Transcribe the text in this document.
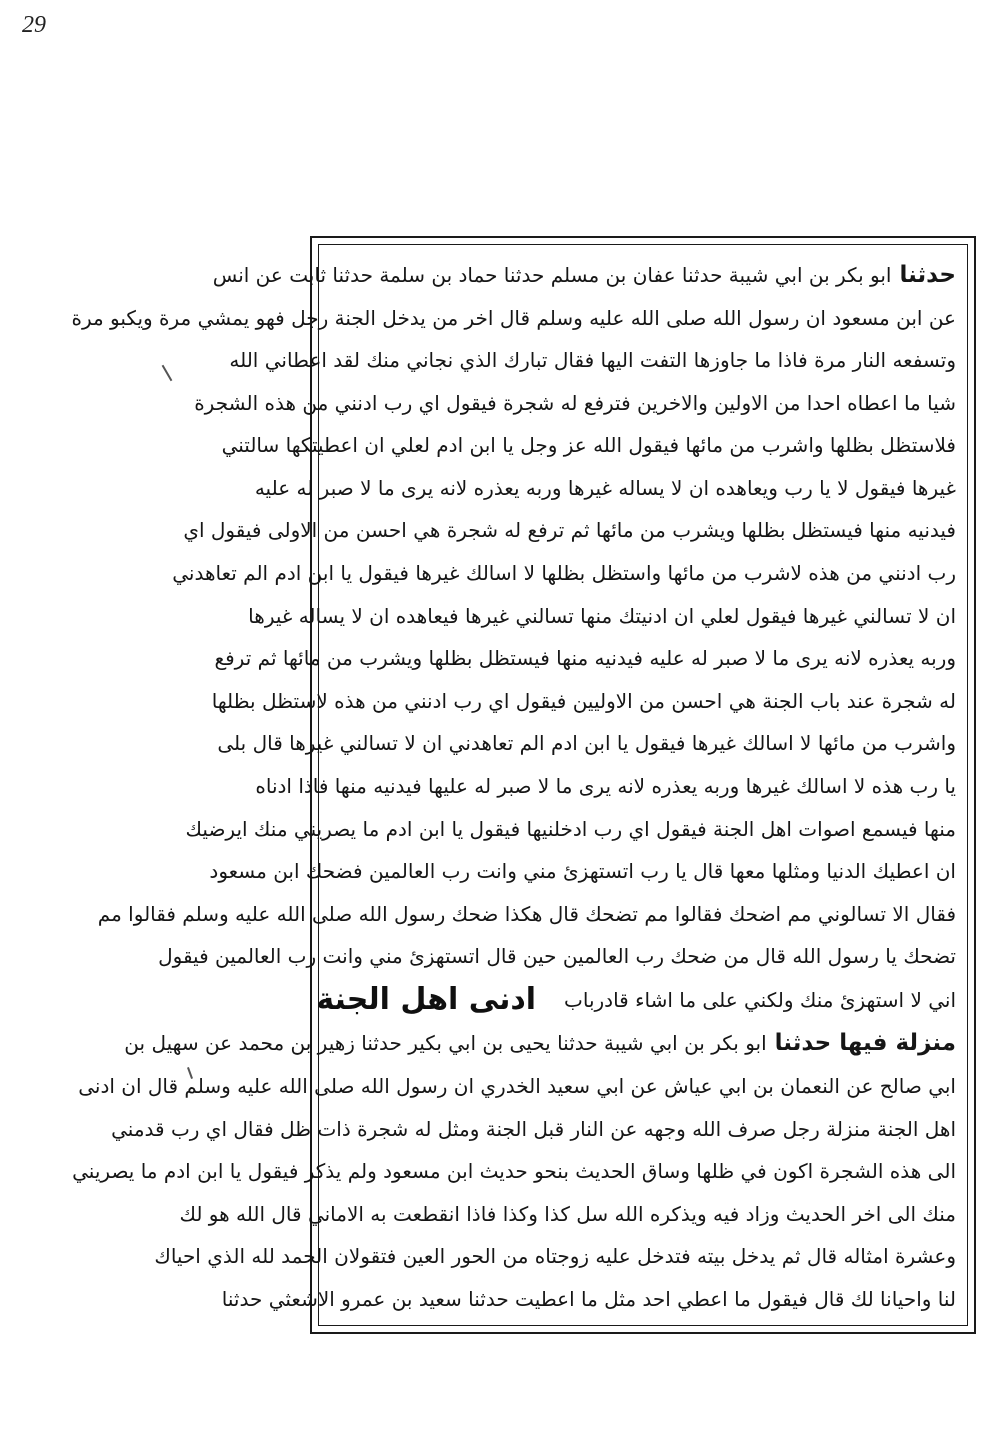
29
حدثناابو بكر بن ابي شيبة حدثنا عفان بن مسلم حدثنا حماد بن سلمة حدثنا ثابت عن انس
عن ابن مسعود ان رسول الله صلى الله عليه وسلم قال اخر من يدخل الجنة رجل فهو يمشي مرة ويكبو مرة
وتسفعه النار مرة فاذا ما جاوزها التفت اليها فقال تبارك الذي نجاني منك لقد اعطاني الله
شيا ما اعطاه احدا من الاولين والاخرين فترفع له شجرة فيقول اي رب ادنني من هذه الشجرة
فلاستظل بظلها واشرب من مائها فيقول الله عز وجل يا ابن ادم لعلي ان اعطيتكها سالتني
غيرها فيقول لا يا رب ويعاهده ان لا يساله غيرها وربه يعذره لانه يرى ما لا صبر له عليه
فيدنيه منها فيستظل بظلها ويشرب من مائها ثم ترفع له شجرة هي احسن من الاولى فيقول اي
رب ادنني من هذه لاشرب من مائها واستظل بظلها لا اسالك غيرها فيقول يا ابن ادم الم تعاهدني
ان لا تسالني غيرها فيقول لعلي ان ادنيتك منها تسالني غيرها فيعاهده ان لا يساله غيرها
وربه يعذره لانه يرى ما لا صبر له عليه فيدنيه منها فيستظل بظلها ويشرب من مائها ثم ترفع
له شجرة عند باب الجنة هي احسن من الاوليين فيقول اي رب ادنني من هذه لاستظل بظلها
واشرب من مائها لا اسالك غيرها فيقول يا ابن ادم الم تعاهدني ان لا تسالني غيرها قال بلى
يا رب هذه لا اسالك غيرها وربه يعذره لانه يرى ما لا صبر له عليها فيدنيه منها فاذا ادناه
منها فيسمع اصوات اهل الجنة فيقول اي رب ادخلنيها فيقول يا ابن ادم ما يصريني منك ايرضيك
ان اعطيك الدنيا ومثلها معها قال يا رب اتستهزئ مني وانت رب العالمين فضحك ابن مسعود
فقال الا تسالوني مم اضحك فقالوا مم تضحك قال هكذا ضحك رسول الله صلى الله عليه وسلم فقالوا مم
تضحك يا رسول الله قال من ضحك رب العالمين حين قال اتستهزئ مني وانت رب العالمين فيقول
اني لا استهزئ منك ولكني على ما اشاء قادر
باب
ادنى اهل الجنة
منزلة فيها حدثناابو بكر بن ابي شيبة حدثنا يحيى بن ابي بكير حدثنا زهير بن محمد عن سهيل بن
ابي صالح عن النعمان بن ابي عياش عن ابي سعيد الخدري ان رسول الله صلى الله عليه وسلم قال ان ادنى
اهل الجنة منزلة رجل صرف الله وجهه عن النار قبل الجنة ومثل له شجرة ذات ظل فقال اي رب قدمني
الى هذه الشجرة اكون في ظلها وساق الحديث بنحو حديث ابن مسعود ولم يذكر فيقول يا ابن ادم ما يصريني
منك الى اخر الحديث وزاد فيه ويذكره الله سل كذا وكذا فاذا انقطعت به الاماني قال الله هو لك
وعشرة امثاله قال ثم يدخل بيته فتدخل عليه زوجتاه من الحور العين فتقولان الحمد لله الذي احياك
لنا واحيانا لك قال فيقول ما اعطي احد مثل ما اعطيت حدثنا سعيد بن عمرو الاشعثي حدثنا
